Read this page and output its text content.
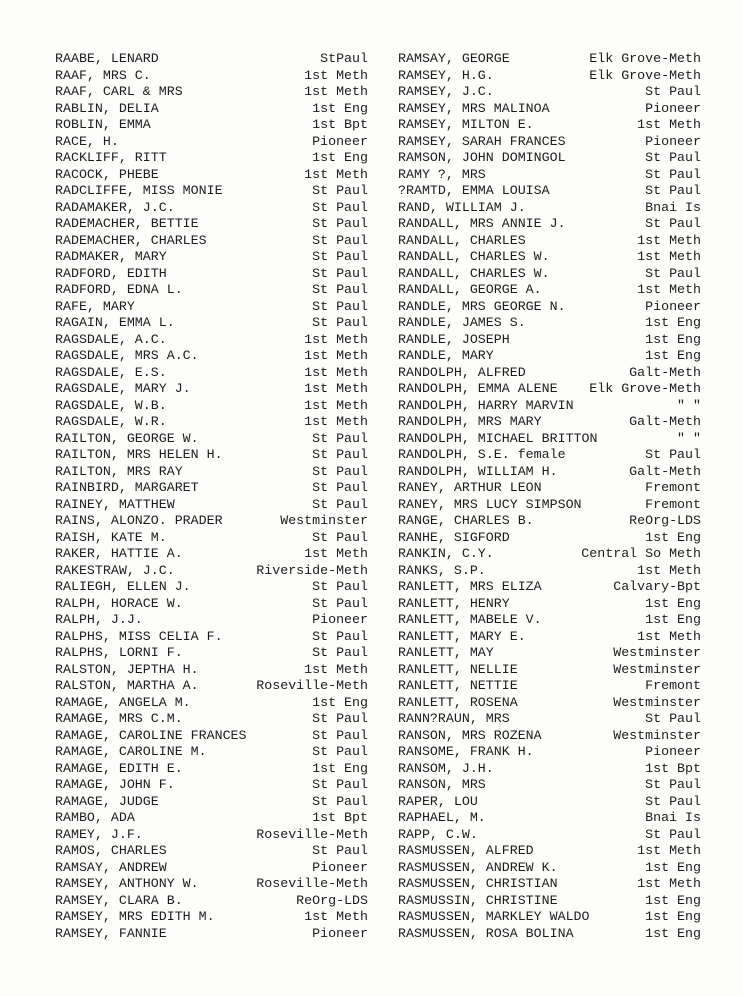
RAABE, LENARD	StPaul
RAAF, MRS C.	1st Meth
RAAF, CARL & MRS	1st Meth
RABLIN, DELIA	1st Eng
ROBLIN, EMMA	1st Bpt
RACE, H.	Pioneer
RACKLIFF, RITT	1st Eng
RACOCK, PHEBE	1st Meth
RADCLIFFE, MISS MONIE	St Paul
RADAMAKER, J.C.	St Paul
RADEMACHER, BETTIE	St Paul
RADEMACHER, CHARLES	St Paul
RADMAKER, MARY	St Paul
RADFORD, EDITH	St Paul
RADFORD, EDNA L.	St Paul
RAFE, MARY	St Paul
RAGAIN, EMMA L.	St Paul
RAGSDALE, A.C.	1st Meth
RAGSDALE, MRS A.C.	1st Meth
RAGSDALE, E.S.	1st Meth
RAGSDALE, MARY J.	1st Meth
RAGSDALE, W.B.	1st Meth
RAGSDALE, W.R.	1st Meth
RAILTON, GEORGE W.	St Paul
RAILTON, MRS HELEN H.	St Paul
RAILTON, MRS RAY	St Paul
RAINBIRD, MARGARET	St Paul
RAINEY, MATTHEW	St Paul
RAINS, ALONZO. PRADER	Westminster
RAISH, KATE M.	St Paul
RAKER, HATTIE A.	1st Meth
RAKESTRAW, J.C.	Riverside-Meth
RALIEGH, ELLEN J.	St Paul
RALPH, HORACE W.	St Paul
RALPH, J.J.	Pioneer
RALPHS, MISS CELIA F.	St Paul
RALPHS, LORNI F.	St Paul
RALSTON, JEPTHA H.	1st Meth
RALSTON, MARTHA A.	Roseville-Meth
RAMAGE, ANGELA M.	1st Eng
RAMAGE, MRS C.M.	St Paul
RAMAGE, CAROLINE FRANCES	St Paul
RAMAGE, CAROLINE M.	St Paul
RAMAGE, EDITH E.	1st Eng
RAMAGE, JOHN F.	St Paul
RAMAGE, JUDGE	St Paul
RAMBO, ADA	1st Bpt
RAMEY, J.F.	Roseville-Meth
RAMOS, CHARLES	St Paul
RAMSAY, ANDREW	Pioneer
RAMSEY, ANTHONY W.	Roseville-Meth
RAMSEY, CLARA B.	ReOrg-LDS
RAMSEY, MRS EDITH M.	1st Meth
RAMSEY, FANNIE	Pioneer
RAMSAY, GEORGE	Elk Grove-Meth
RAMSEY, H.G.	Elk Grove-Meth
RAMSEY, J.C.	St Paul
RAMSEY, MRS MALINOA	Pioneer
RAMSEY, MILTON E.	1st Meth
RAMSEY, SARAH FRANCES	Pioneer
RAMSON, JOHN DOMINGOL	St Paul
RAMY ?, MRS	St Paul
?RAMTD, EMMA LOUISA	St Paul
RAND, WILLIAM J.	Bnai Is
RANDALL, MRS ANNIE J.	St Paul
RANDALL, CHARLES	1st Meth
RANDALL, CHARLES W.	1st Meth
RANDALL, CHARLES W.	St Paul
RANDALL, GEORGE A.	1st Meth
RANDLE, MRS GEORGE N.	Pioneer
RANDLE, JAMES S.	1st Eng
RANDLE, JOSEPH	1st Eng
RANDLE, MARY	1st Eng
RANDOLPH, ALFRED	Galt-Meth
RANDOLPH, EMMA ALENE	Elk Grove-Meth
RANDOLPH, HARRY MARVIN	" "
RANDOLPH, MRS MARY	Galt-Meth
RANDOLPH, MICHAEL BRITTON	" "
RANDOLPH, S.E. female	St Paul
RANDOLPH, WILLIAM H.	Galt-Meth
RANEY, ARTHUR LEON	Fremont
RANEY, MRS LUCY SIMPSON	Fremont
RANGE, CHARLES B.	ReOrg-LDS
RANHE, SIGFORD	1st Eng
RANKIN, C.Y.	Central So Meth
RANKS, S.P.	1st Meth
RANLETT, MRS ELIZA	Calvary-Bpt
RANLETT, HENRY	1st Eng
RANLETT, MABELE V.	1st Eng
RANLETT, MARY E.	1st Meth
RANLETT, MAY	Westminster
RANLETT, NELLIE	Westminster
RANLETT, NETTIE	Fremont
RANLETT, ROSENA	Westminster
RANN?RAUN, MRS	St Paul
RANSON, MRS ROZENA	Westminster
RANSOME, FRANK H.	Pioneer
RANSOM, J.H.	1st Bpt
RANSON, MRS	St Paul
RAPER, LOU	St Paul
RAPHAEL, M.	Bnai Is
RAPP, C.W.	St Paul
RASMUSSEN, ALFRED	1st Meth
RASMUSSEN, ANDREW K.	1st Eng
RASMUSSEN, CHRISTIAN	1st Meth
RASMUSSIN, CHRISTINE	1st Eng
RASMUSSEN, MARKLEY WALDO	1st Eng
RASMUSSEN, ROSA BOLINA	1st Eng
